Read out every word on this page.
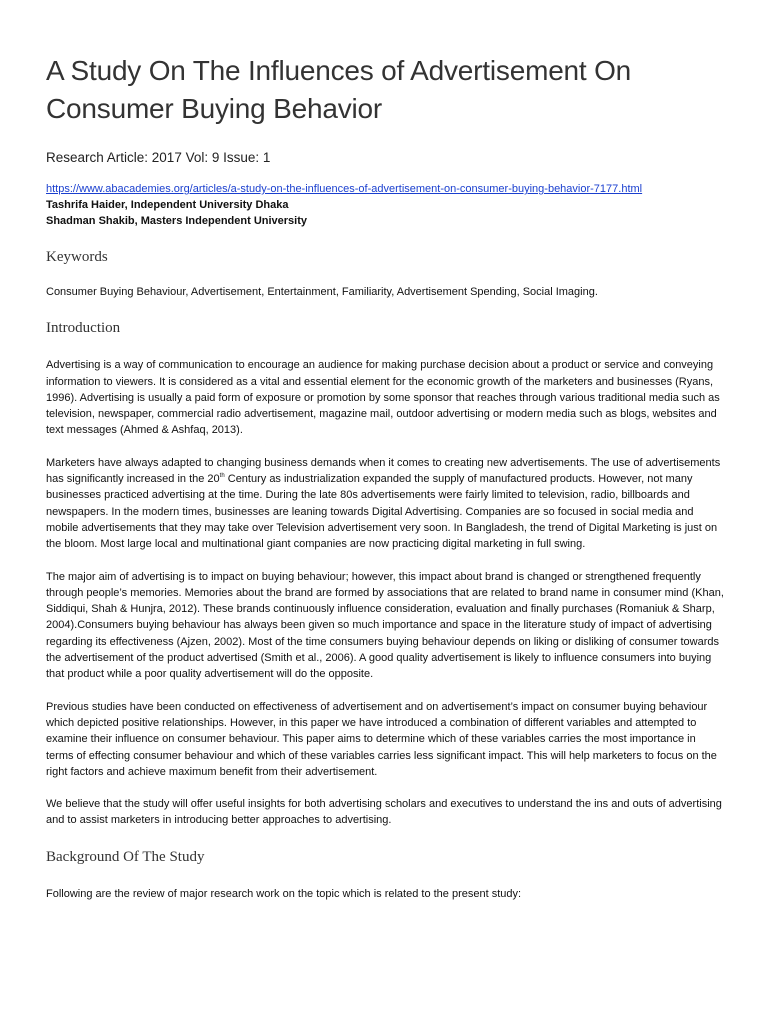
A Study On The Influences of Advertisement On Consumer Buying Behavior

Research Article: 2017 Vol: 9 Issue: 1

https://www.abacademies.org/articles/a-study-on-the-influences-of-advertisement-on-consumer-buying-behavior-7177.html

Tashrifa Haider, Independent University Dhaka

Shadman Shakib, Masters Independent University

Keywords

Consumer Buying Behaviour, Advertisement, Entertainment, Familiarity, Advertisement Spending, Social Imaging.

Introduction

Advertising is a way of communication to encourage an audience for making purchase decision about a product or service and conveying information to viewers. It is considered as a vital and essential element for the economic growth of the marketers and businesses (Ryans, 1996). Advertising is usually a paid form of exposure or promotion by some sponsor that reaches through various traditional media such as television, newspaper, commercial radio advertisement, magazine mail, outdoor advertising or modern media such as blogs, websites and text messages (Ahmed & Ashfaq, 2013).

Marketers have always adapted to changing business demands when it comes to creating new advertisements. The use of advertisements has significantly increased in the 20th Century as industrialization expanded the supply of manufactured products. However, not many businesses practiced advertising at the time. During the late 80s advertisements were fairly limited to television, radio, billboards and newspapers. In the modern times, businesses are leaning towards Digital Advertising. Companies are so focused in social media and mobile advertisements that they may take over Television advertisement very soon. In Bangladesh, the trend of Digital Marketing is just on the bloom. Most large local and multinational giant companies are now practicing digital marketing in full swing.

The major aim of advertising is to impact on buying behaviour; however, this impact about brand is changed or strengthened frequently through people’s memories. Memories about the brand are formed by associations that are related to brand name in consumer mind (Khan, Siddiqui, Shah & Hunjra, 2012). These brands continuously influence consideration, evaluation and finally purchases (Romaniuk & Sharp, 2004).Consumers buying behaviour has always been given so much importance and space in the literature study of impact of advertising regarding its effectiveness (Ajzen, 2002). Most of the time consumers buying behaviour depends on liking or disliking of consumer towards the advertisement of the product advertised (Smith et al., 2006). A good quality advertisement is likely to influence consumers into buying that product while a poor quality advertisement will do the opposite.

Previous studies have been conducted on effectiveness of advertisement and on advertisement’s impact on consumer buying behaviour which depicted positive relationships. However, in this paper we have introduced a combination of different variables and attempted to examine their influence on consumer behaviour. This paper aims to determine which of these variables carries the most importance in terms of effecting consumer behaviour and which of these variables carries less significant impact. This will help marketers to focus on the right factors and achieve maximum benefit from their advertisement.

We believe that the study will offer useful insights for both advertising scholars and executives to understand the ins and outs of advertising and to assist marketers in introducing better approaches to advertising.

Background Of The Study

Following are the review of major research work on the topic which is related to the present study:
